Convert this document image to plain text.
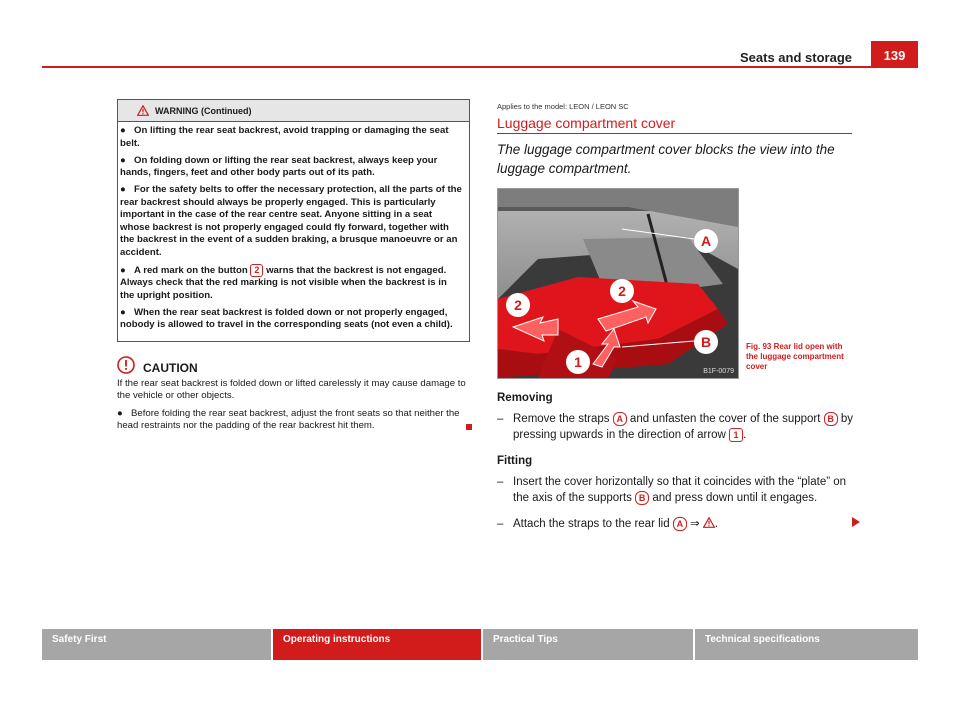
Seats and storage	139
WARNING (Continued)

● On lifting the rear seat backrest, avoid trapping or damaging the seat belt.

● On folding down or lifting the rear seat backrest, always keep your hands, fingers, feet and other body parts out of its path.

● For the safety belts to offer the necessary protection, all the parts of the rear backrest should always be properly engaged. This is particularly important in the case of the rear centre seat. Anyone sitting in a seat whose backrest is not properly engaged could fly forward, together with the backrest in the event of a sudden braking, a brusque manoeuvre or an accident.

● A red mark on the button 2 warns that the backrest is not engaged. Always check that the red marking is not visible when the backrest is in the upright position.

● When the rear seat backrest is folded down or not properly engaged, nobody is allowed to travel in the corresponding seats (not even a child).

CAUTION

If the rear seat backrest is folded down or lifted carelessly it may cause damage to the vehicle or other objects.

● Before folding the rear seat backrest, adjust the front seats so that neither the head restraints nor the padding of the rear backrest hit them.

Applies to the model: LEON / LEON SC
Luggage compartment cover
The luggage compartment cover blocks the view into the luggage compartment.
A
B
2
2
1
B1F-0079
Fig. 93 Rear lid open with the luggage compartment cover
Removing
– Remove the straps A and unfasten the cover of the support B by pressing upwards in the direction of arrow 1 .
Fitting
– Insert the cover horizontally so that it coincides with the “plate” on the axis of the supports B and press down until it engages.
– Attach the straps to the rear lid A ⇒ .
Safety First	Operating instructions	Practical Tips	Technical specifications
